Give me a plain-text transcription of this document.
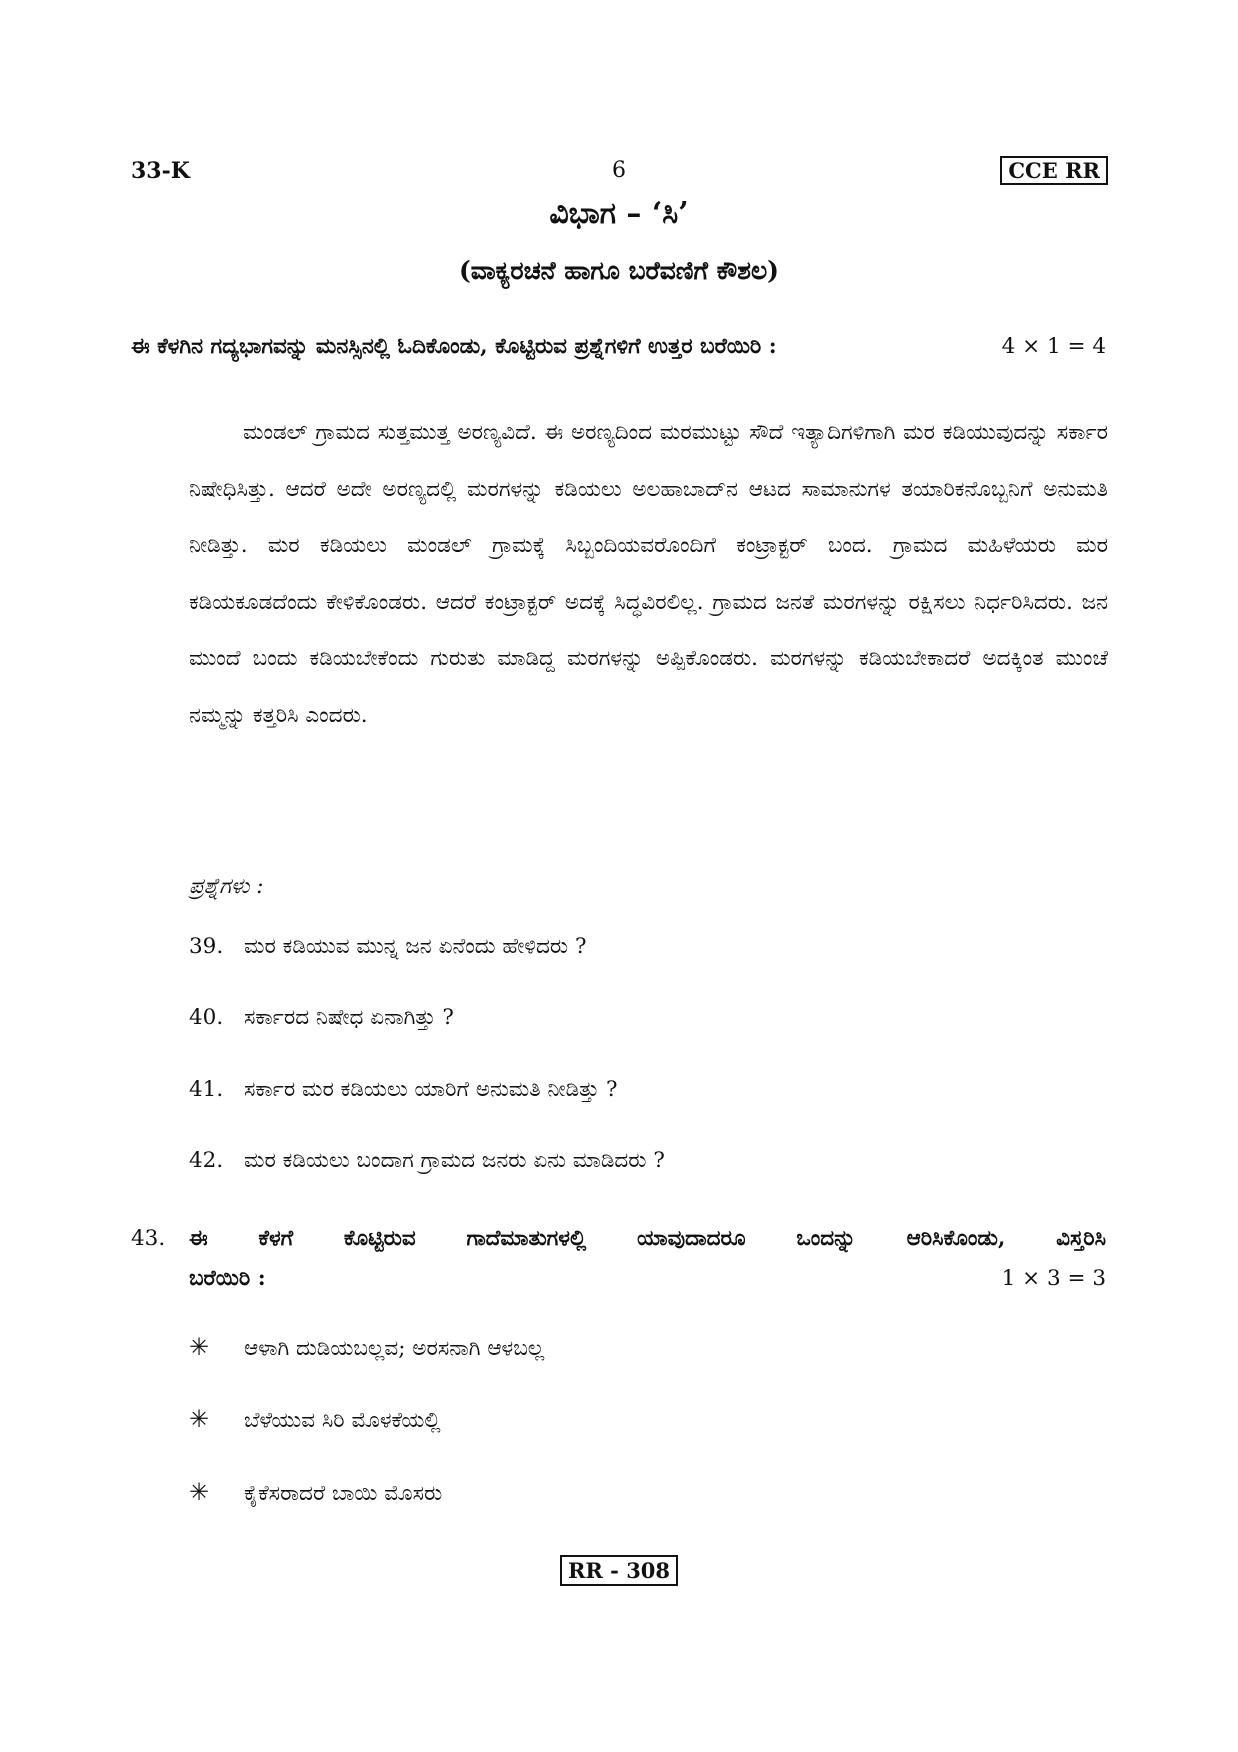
33-K	6	CCE RR
ವಿಭಾಗ – ‘ಸಿ’
(ವಾಕ್ಯರಚನೆ ಹಾಗೂ ಬರೆವಣಿಗೆ ಕೌಶಲ)
ಈ ಕೆಳಗಿನ ಗದ್ಯಭಾಗವನ್ನು ಮನಸ್ಸಿನಲ್ಲಿ ಓದಿಕೊಂಡು, ಕೊಟ್ಟಿರುವ ಪ್ರಶ್ನೆಗಳಿಗೆ ಉತ್ತರ ಬರೆಯಿರಿ :	4 × 1 = 4
ಮಂಡಲ್ ಗ್ರಾಮದ ಸುತ್ತಮುತ್ತ ಅರಣ್ಯವಿದೆ. ಈ ಅರಣ್ಯದಿಂದ ಮರಮುಟ್ಟು ಸೌದೆ ಇತ್ಯಾದಿಗಳಿಗಾಗಿ ಮರ ಕಡಿಯುವುದನ್ನು ಸರ್ಕಾರ ನಿಷೇಧಿಸಿತ್ತು. ಆದರೆ ಅದೇ ಅರಣ್ಯದಲ್ಲಿ ಮರಗಳನ್ನು ಕಡಿಯಲು ಅಲಹಾಬಾದ್‌ನ ಆಟದ ಸಾಮಾನುಗಳ ತಯಾರಿಕನೊಬ್ಬನಿಗೆ ಅನುಮತಿ ನೀಡಿತ್ತು. ಮರ ಕಡಿಯಲು ಮಂಡಲ್ ಗ್ರಾಮಕ್ಕೆ ಸಿಬ್ಬಂದಿಯವರೊಂದಿಗೆ ಕಂಟ್ರಾಕ್ಟರ್ ಬಂದ. ಗ್ರಾಮದ ಮಹಿಳೆಯರು ಮರ ಕಡಿಯಕೂಡದೆಂದು ಕೇಳಿಕೊಂಡರು. ಆದರೆ ಕಂಟ್ರಾಕ್ಟರ್ ಅದಕ್ಕೆ ಸಿದ್ಧವಿರಲಿಲ್ಲ. ಗ್ರಾಮದ ಜನತೆ ಮರಗಳನ್ನು ರಕ್ಷಿಸಲು ನಿರ್ಧರಿಸಿದರು. ಜನ ಮುಂದೆ ಬಂದು ಕಡಿಯಬೇಕೆಂದು ಗುರುತು ಮಾಡಿದ್ದ ಮರಗಳನ್ನು ಅಪ್ಪಿಕೊಂಡರು. ಮರಗಳನ್ನು ಕಡಿಯಬೇಕಾದರೆ ಅದಕ್ಕಿಂತ ಮುಂಚೆ ನಮ್ಮನ್ನು ಕತ್ತರಿಸಿ ಎಂದರು.
ಪ್ರಶ್ನೆಗಳು :
39. ಮರ ಕಡಿಯುವ ಮುನ್ನ ಜನ ಏನೆಂದು ಹೇಳಿದರು ?
40. ಸರ್ಕಾರದ ನಿಷೇಧ ಏನಾಗಿತ್ತು ?
41. ಸರ್ಕಾರ ಮರ ಕಡಿಯಲು ಯಾರಿಗೆ ಅನುಮತಿ ನೀಡಿತ್ತು ?
42. ಮರ ಕಡಿಯಲು ಬಂದಾಗ ಗ್ರಾಮದ ಜನರು ಏನು ಮಾಡಿದರು ?
43. ಈ ಕೆಳಗೆ ಕೊಟ್ಟಿರುವ ಗಾದೆಮಾತುಗಳಲ್ಲಿ ಯಾವುದಾದರೂ ಒಂದನ್ನು ಆರಿಸಿಕೊಂಡು, ವಿಸ್ತರಿಸಿ
ಬರೆಯಿರಿ :	1 × 3 = 3
✳ ಆಳಾಗಿ ದುಡಿಯಬಲ್ಲವ; ಅರಸನಾಗಿ ಆಳಬಲ್ಲ
✳ ಬೆಳೆಯುವ ಸಿರಿ ಮೊಳಕೆಯಲ್ಲಿ
✳ ಕೈಕೆಸರಾದರೆ ಬಾಯಿ ಮೊಸರು
RR - 308
